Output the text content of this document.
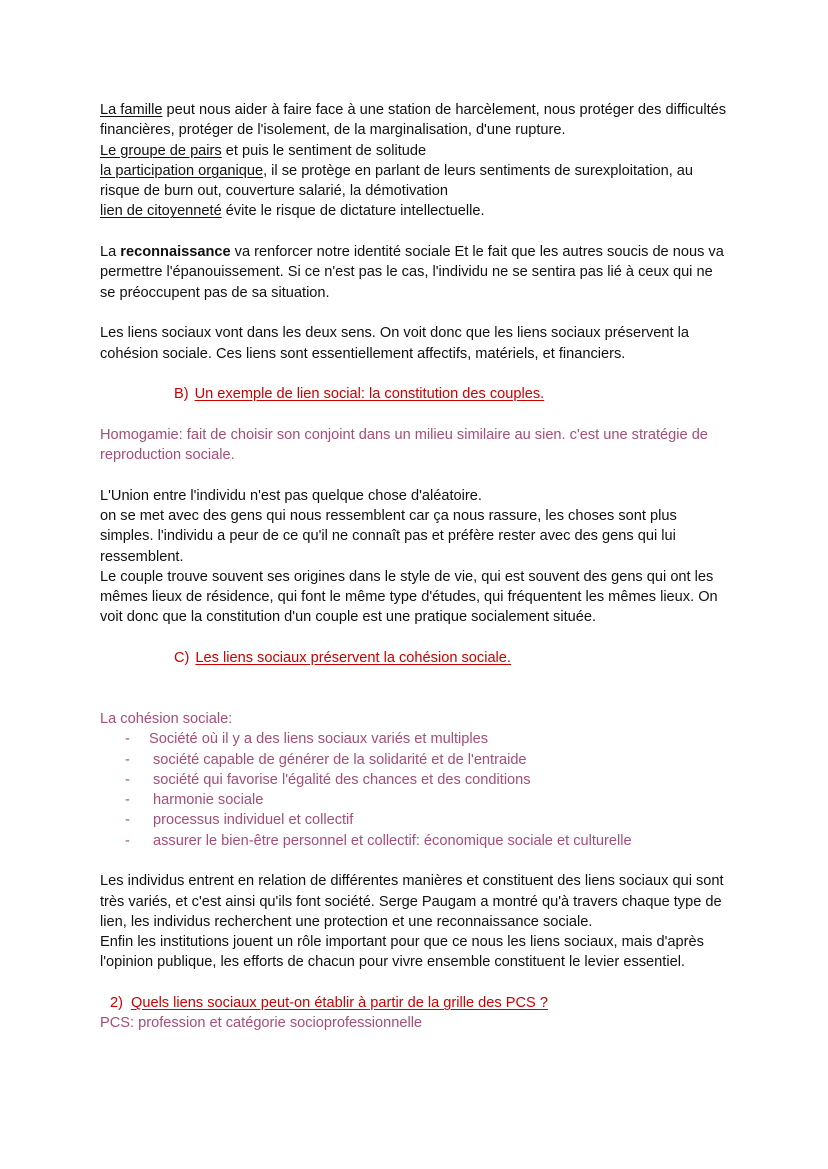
La famille peut nous aider à faire face à une station de harcèlement, nous protéger des difficultés financières, protéger de l'isolement, de la marginalisation, d'une rupture.
Le groupe de pairs et puis le sentiment de solitude
la participation organique, il se protège en parlant de leurs sentiments de surexploitation, au risque de burn out, couverture salarié, la démotivation
lien de citoyenneté évite le risque de dictature intellectuelle.

La reconnaissance va renforcer notre identité sociale Et le fait que les autres soucis de nous va permettre l'épanouissement. Si ce n'est pas le cas, l'individu ne se sentira pas lié à ceux qui ne se préoccupent pas de sa situation.

Les liens sociaux vont dans les deux sens. On voit donc que les liens sociaux préservent la cohésion sociale. Ces liens sont essentiellement affectifs, matériels, et financiers.

B) Un exemple de lien social: la constitution des couples.

Homogamie: fait de choisir son conjoint dans un milieu similaire au sien. c'est une stratégie de reproduction sociale.

L'Union entre l'individu n'est pas quelque chose d'aléatoire.
on se met avec des gens qui nous ressemblent car ça nous rassure, les choses sont plus simples. l'individu a peur de ce qu'il ne connaît pas et préfère rester avec des gens qui lui ressemblent.
Le couple trouve souvent ses origines dans le style de vie, qui est souvent des gens qui ont les mêmes lieux de résidence, qui font le même type d'études, qui fréquentent les mêmes lieux. On voit donc que la constitution d'un couple est une pratique socialement située.

C) Les liens sociaux préservent la cohésion sociale.

La cohésion sociale:

- Société où il y a des liens sociaux variés et multiples
- société capable de générer de la solidarité et de l'entraide
- société qui favorise l'égalité des chances et des conditions
- harmonie sociale
- processus individuel et collectif
- assurer le bien-être personnel et collectif: économique sociale et culturelle

Les individus entrent en relation de différentes manières et constituent des liens sociaux qui sont très variés, et c'est ainsi qu'ils font société. Serge Paugam a montré qu'à travers chaque type de lien, les individus recherchent une protection et une reconnaissance sociale.
Enfin les institutions jouent un rôle important pour que ce nous les liens sociaux, mais d'après l'opinion publique, les efforts de chacun pour vivre ensemble constituent le levier essentiel.

2) Quels liens sociaux peut-on établir à partir de la grille des PCS ?

PCS: profession et catégorie socioprofessionnelle
